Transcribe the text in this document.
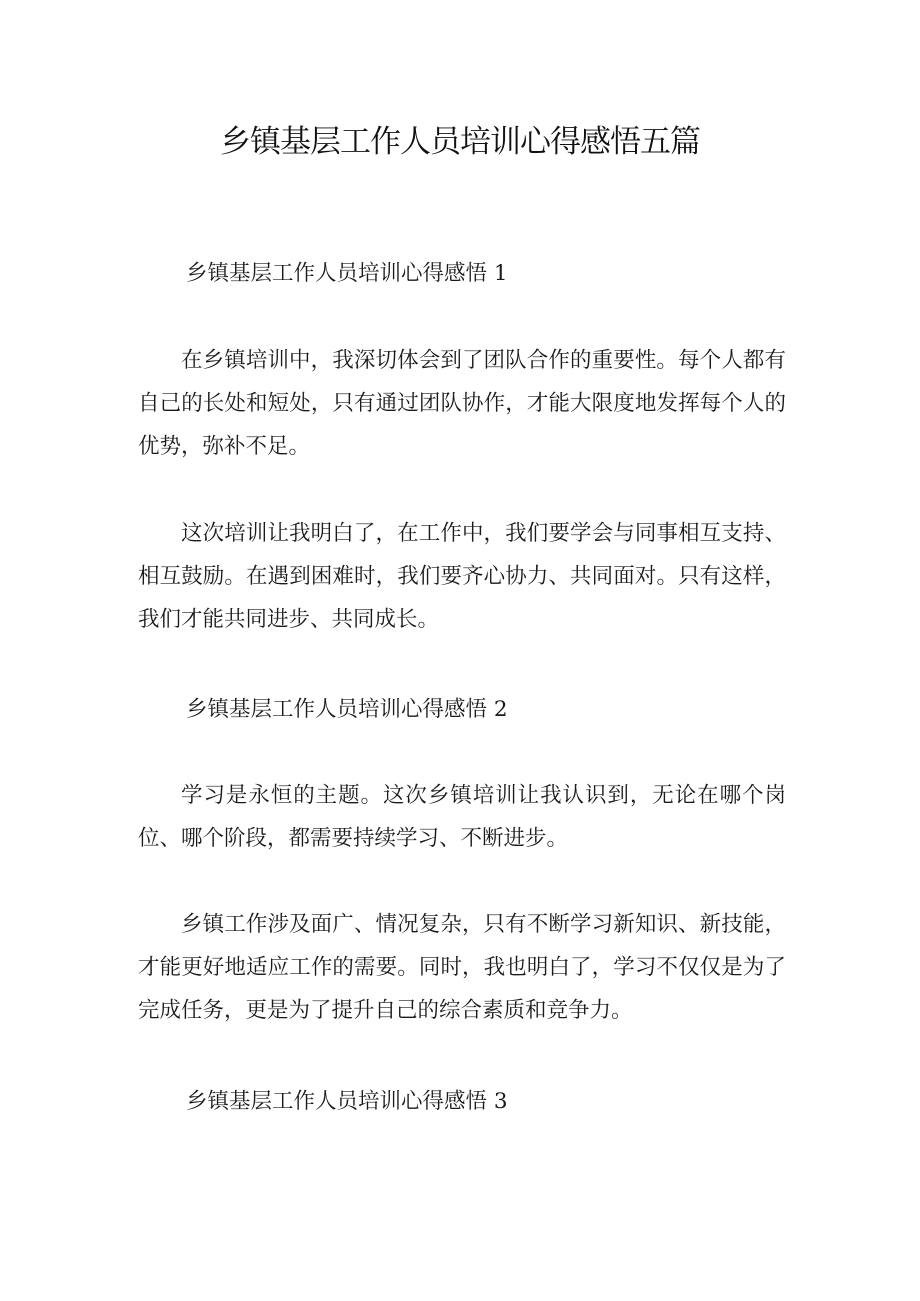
乡镇基层工作人员培训心得感悟五篇
乡镇基层工作人员培训心得感悟 1

在乡镇培训中，我深切体会到了团队合作的重要性。每个人都有自己的长处和短处，只有通过团队协作，才能大限度地发挥每个人的优势，弥补不足。

这次培训让我明白了，在工作中，我们要学会与同事相互支持、相互鼓励。在遇到困难时，我们要齐心协力、共同面对。只有这样，我们才能共同进步、共同成长。

乡镇基层工作人员培训心得感悟 2

学习是永恒的主题。这次乡镇培训让我认识到，无论在哪个岗位、哪个阶段，都需要持续学习、不断进步。

乡镇工作涉及面广、情况复杂，只有不断学习新知识、新技能，才能更好地适应工作的需要。同时，我也明白了，学习不仅仅是为了完成任务，更是为了提升自己的综合素质和竞争力。

乡镇基层工作人员培训心得感悟 3
